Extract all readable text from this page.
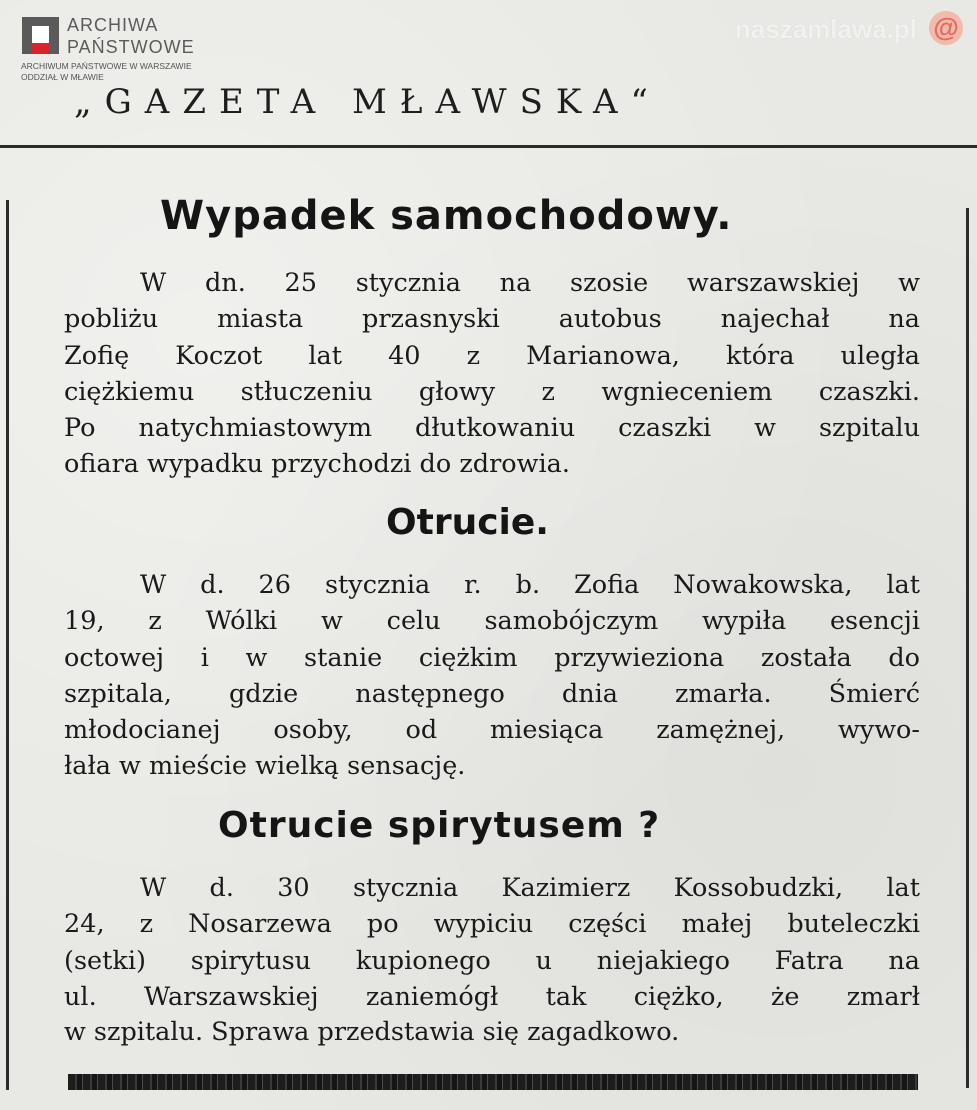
ARCHIWA
PAŃSTWOWE
ARCHIWUM PAŃSTWOWE W WARSZAWIE
ODDZIAŁ W MŁAWIE
naszamlawa.pl @
„GAZETA MŁAWSKA“
Wypadek samochodowy.
W dn. 25 stycznia na szosie warszawskiej w
pobliżu miasta przasnyski autobus najechał na
Zofię Koczot lat 40 z Marianowa, która uległa
ciężkiemu stłuczeniu głowy z wgnieceniem czaszki.
Po natychmiastowym dłutkowaniu czaszki w szpitalu
ofiara wypadku przychodzi do zdrowia.
Otrucie.
W d. 26 stycznia r. b. Zofia Nowakowska, lat
19, z Wólki w celu samobójczym wypiła esencji
octowej i w stanie ciężkim przywieziona została do
szpitala, gdzie następnego dnia zmarła. Śmierć
młodocianej osoby, od miesiąca zamężnej, wywo-
łała w mieście wielką sensację.
Otrucie spirytusem ?
W d. 30 stycznia Kazimierz Kossobudzki, lat
24, z Nosarzewa po wypiciu części małej buteleczki
(setki) spirytusu kupionego u niejakiego Fatra na
ul. Warszawskiej zaniemógł tak ciężko, że zmarł
w szpitalu. Sprawa przedstawia się zagadkowo.
